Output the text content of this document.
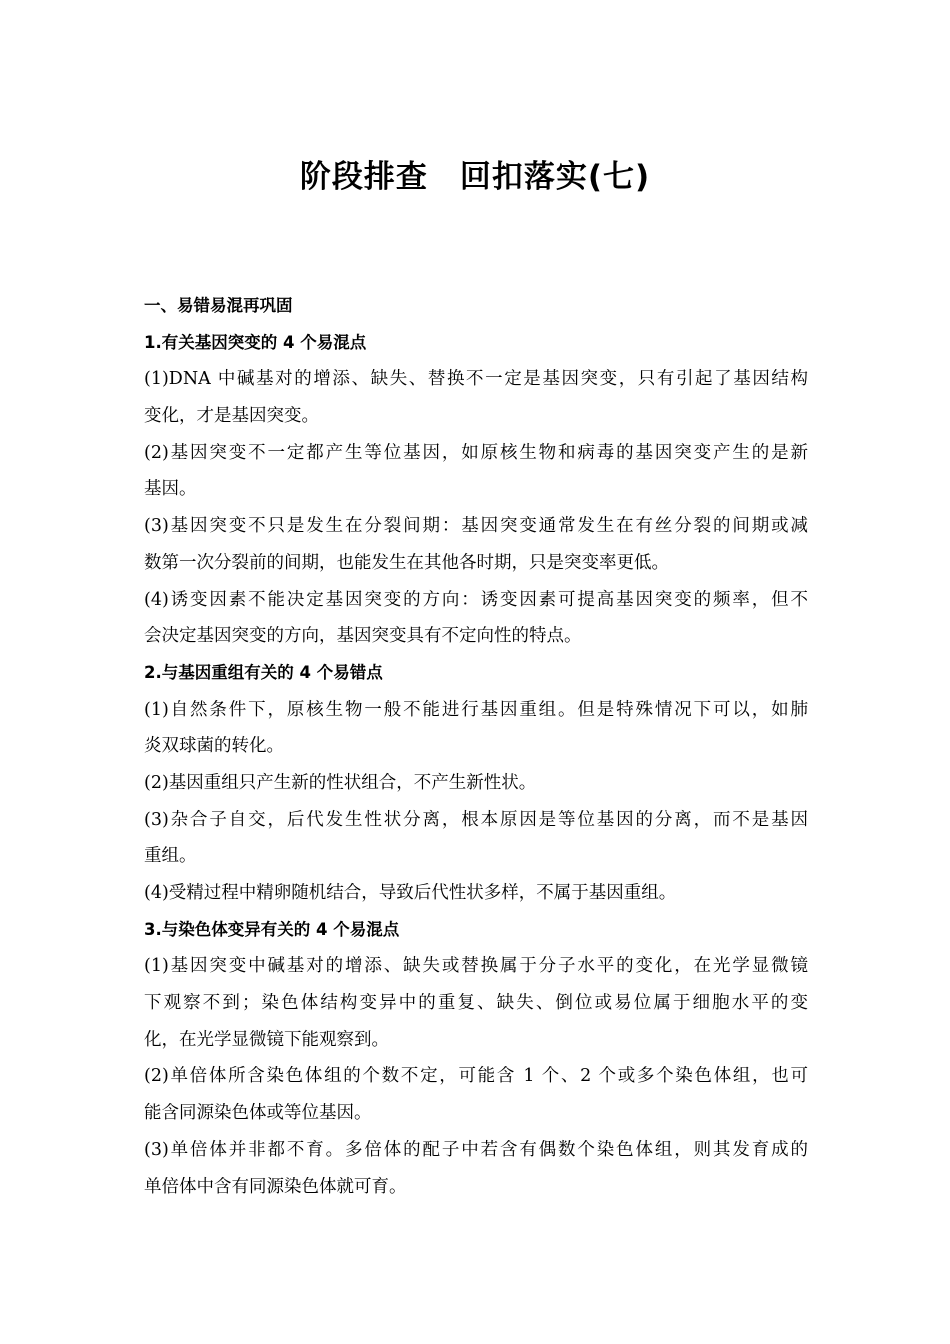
阶段排查　回扣落实(七)
一、易错易混再巩固
1.有关基因突变的 4 个易混点
(1)DNA 中碱基对的增添、缺失、替换不一定是基因突变，只有引起了基因结构
变化，才是基因突变。
(2)基因突变不一定都产生等位基因，如原核生物和病毒的基因突变产生的是新
基因。
(3)基因突变不只是发生在分裂间期：基因突变通常发生在有丝分裂的间期或减
数第一次分裂前的间期，也能发生在其他各时期，只是突变率更低。
(4)诱变因素不能决定基因突变的方向：诱变因素可提高基因突变的频率，但不
会决定基因突变的方向，基因突变具有不定向性的特点。
2.与基因重组有关的 4 个易错点
(1)自然条件下，原核生物一般不能进行基因重组。但是特殊情况下可以，如肺
炎双球菌的转化。
(2)基因重组只产生新的性状组合，不产生新性状。
(3)杂合子自交，后代发生性状分离，根本原因是等位基因的分离，而不是基因
重组。
(4)受精过程中精卵随机结合，导致后代性状多样，不属于基因重组。
3.与染色体变异有关的 4 个易混点
(1)基因突变中碱基对的增添、缺失或替换属于分子水平的变化，在光学显微镜
下观察不到；染色体结构变异中的重复、缺失、倒位或易位属于细胞水平的变
化，在光学显微镜下能观察到。
(2)单倍体所含染色体组的个数不定，可能含 1 个、2 个或多个染色体组，也可
能含同源染色体或等位基因。
(3)单倍体并非都不育。多倍体的配子中若含有偶数个染色体组，则其发育成的
单倍体中含有同源染色体就可育。
